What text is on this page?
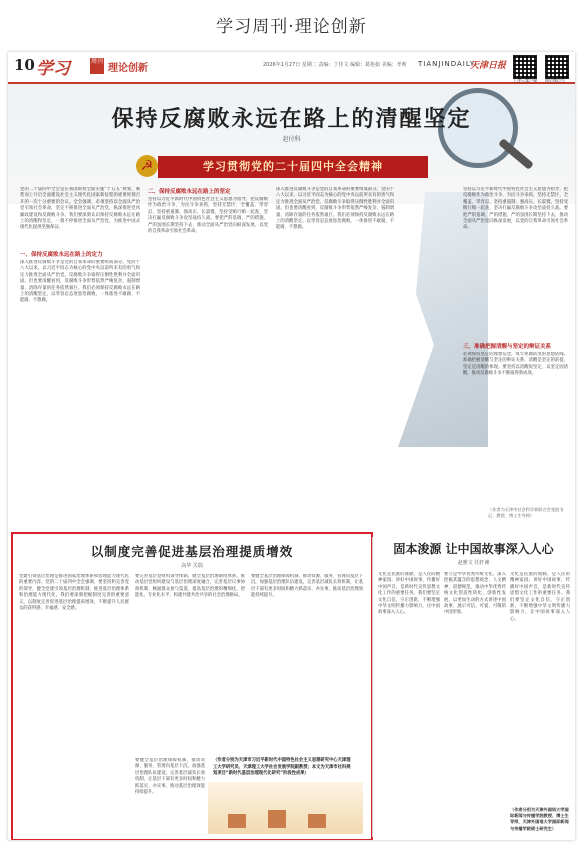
学习周刊·理论创新
10 学习	周刊
理论创新	2026年1月27日 星期二 责编：丁佳文 编辑：葛艳茹 美编：孝莉 TIANJINDAILY
天津日报
上津云客户端	理论微信号
保持反腐败永远在路上的清醒坚定
赵付科
☭	学习贯彻党的二十届四中全会精神
一、保持反腐败永远在路上的定力
党的二十届四中全会是在我国即将全面实施“十五五”规划、乘势而上开启全面建设社会主义现代化国家新征程的重要时刻召开的一次十分重要的会议。全会强调，必须坚持以全面从严治党引领社会革命，坚定不移推进全面从严治党，纵深推进党风廉政建设和反腐败斗争。我们要深刻认识保持反腐败永远在路上的清醒和坚定，一刻不停推进全面从严治党，为推进中国式现代化提供坚强保证。
深入推进反腐败斗争是党的自我革命的重要组成部分。党的十八大以来，以习近平同志为核心的党中央以前所未有的勇气和定力推进全面从严治党，反腐败斗争取得压倒性胜利并全面巩固。但也要清醒看到，反腐败斗争形势依然严峻复杂，遏制增量、清除存量的任务依然艰巨。我们必须保持反腐败永远在路上的清醒坚定，以零容忍态度惩治腐败，一体推进不敢腐、不能腐、不想腐。
二、保持反腐败永远在路上的坚定
坚持以习近平新时代中国特色社会主义思想为指导，把反腐败作为政治斗争、为民斗争来抓，坚持无禁区、全覆盖、零容忍，坚持重遏制、强高压、长震慑，坚持受贿行贿一起查，坚决打赢反腐败斗争攻坚战持久战。要把严的基调、严的措施、严的氛围长期坚持下去，推动全面从严治党向纵深发展，以党的自我革命引领社会革命。
深入推进反腐败斗争是党的自我革命的重要组成部分。党的十八大以来，以习近平同志为核心的党中央以前所未有的勇气和定力推进全面从严治党，反腐败斗争取得压倒性胜利并全面巩固。但也要清醒看到，反腐败斗争形势依然严峻复杂，遏制增量、清除存量的任务依然艰巨。我们必须保持反腐败永远在路上的清醒坚定，以零容忍态度惩治腐败，一体推进不敢腐、不能腐、不想腐。
三、准确把握清醒与坚定的辩证关系
坚持以习近平新时代中国特色社会主义思想为指导，把反腐败作为政治斗争、为民斗争来抓，坚持无禁区、全覆盖、零容忍，坚持重遏制、强高压、长震慑，坚持受贿行贿一起查，坚决打赢反腐败斗争攻坚战持久战。要把严的基调、严的措施、严的氛围长期坚持下去，推动全面从严治党向纵深发展，以党的自我革命引领社会革命。
必须保持坚定的理想信念，筑牢拒腐防变的思想防线。准确把握清醒与坚定的辩证关系，清醒是坚定的前提，坚定是清醒的体现。要坚持以清醒促坚定、以坚定固清醒，推动反腐败斗争不断取得新成效。
（作者为天津市社会科学界联合会党组书记、教授、博士生导师）
以制度完善促进基层治理提质增效
高华 关瑞
党建引领基层治理是推进国家治理体系和治理能力现代化的重要内容。党的二十届四中全会强调，要坚持和完善党的领导，健全党建引领基层治理机制，推进基层治理体系和治理能力现代化。我们要深刻把握制度完善的重要意义，以制度完善促进基层治理提质增效，不断提升人民群众的获得感、幸福感、安全感。
要完善基层党组织领导体制，健全基层治理制度体系。推动基层党组织建设与基层治理深度融合，完善基层议事协商机制，畅通群众参与渠道，提高基层治理的精细化、智能化、专业化水平，构建共建共治共享的社会治理格局。
要健全基层治理保障机制，推动资源、服务、管理向基层下沉，加强基层治理队伍建设，完善基层减负长效机制，让基层干部有更多时间和精力抓落实、办实事，推动基层治理效能持续提升。
要健全基层治理保障机制，推动资源、服务、管理向基层下沉，加强基层治理队伍建设，完善基层减负长效机制，让基层干部有更多时间和精力抓落实、办实事，推动基层治理效能持续提升。
（作者分别为天津市习近平新时代中国特色社会主义思想研究中心天津理工大学研究员、天津理工大学社会发展学院副教授；本文为天津市社科规划项目“新时代基层治理现代化研究”阶段性成果）
固本浚源 让中国故事深入人心
赵雅文 任轩谏
文化是民族的血脉，是人民的精神家园。讲好中国故事，传播好中国声音，是新时代宣传思想文化工作的重要任务。我们要坚定文化自信，守正创新，不断增强中华文明传播力影响力，让中国故事深入人心。
要立足中华优秀传统文化，深入挖掘其蕴含的思想观念、人文精神、道德规范，推动中华优秀传统文化创造性转化、创新性发展，以更加生动的方式讲述中国故事，展示可信、可爱、可敬的中国形象。
文化是民族的血脉，是人民的精神家园。讲好中国故事，传播好中国声音，是新时代宣传思想文化工作的重要任务。我们要坚定文化自信，守正创新，不断增强中华文明传播力影响力，让中国故事深入人心。
（作者分别为天津外国语大学国际新闻与传播学院教授、博士生导师，天津外国语大学国际新闻与传播学院硕士研究生）
